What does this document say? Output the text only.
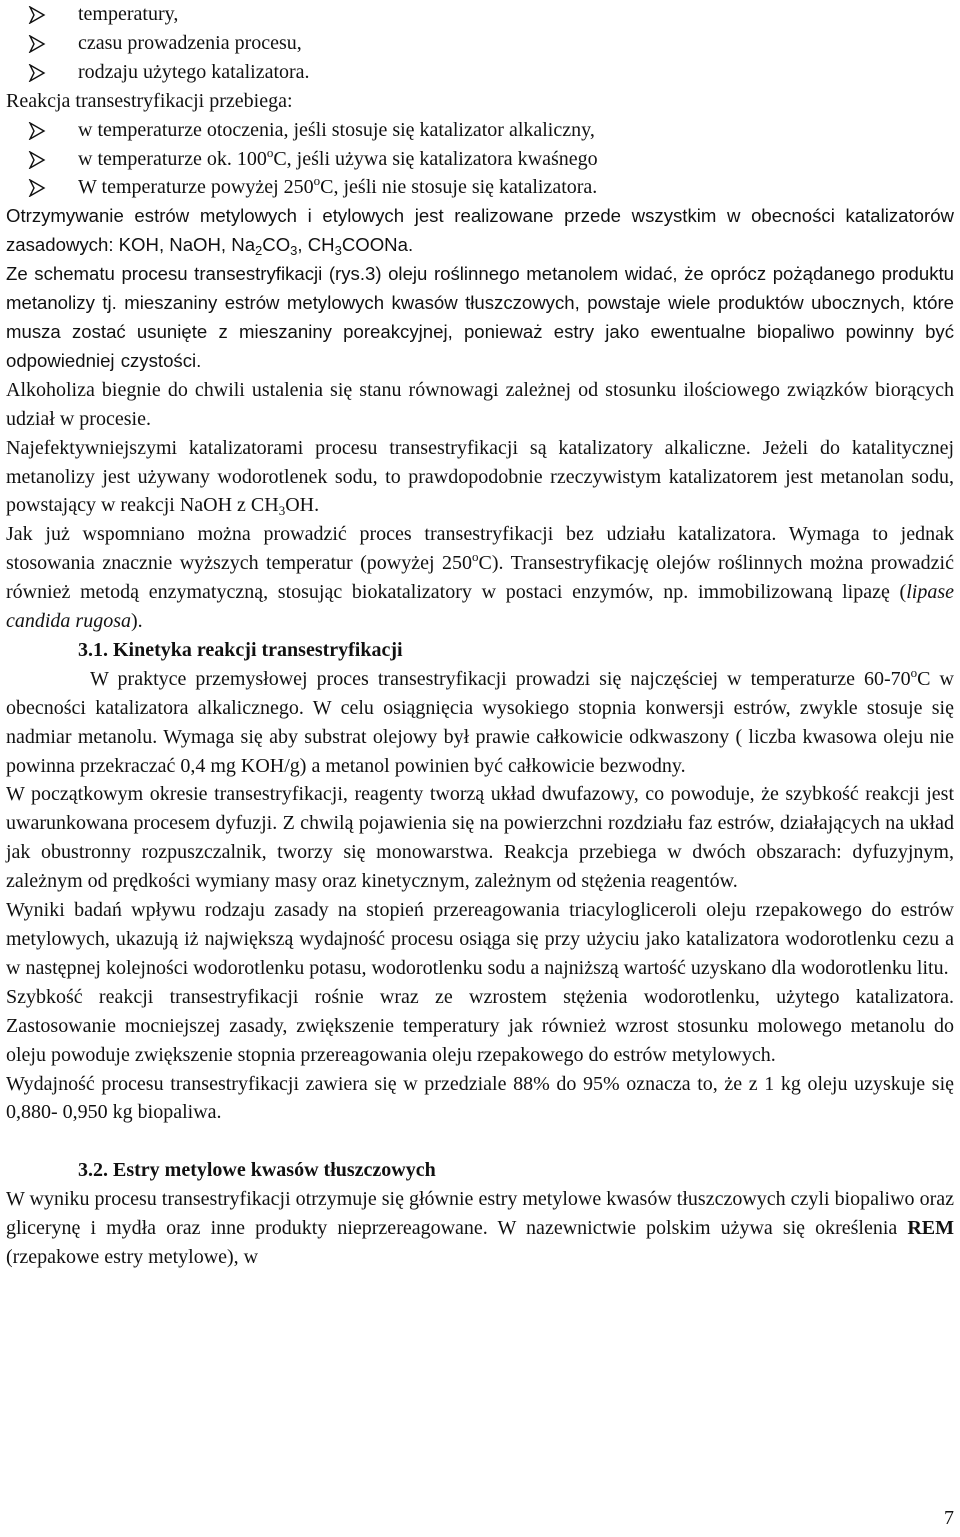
temperatury,
czasu prowadzenia procesu,
rodzaju użytego katalizatora.
Reakcja transestryfikacji przebiega:
w temperaturze otoczenia, jeśli stosuje się katalizator alkaliczny,
w temperaturze ok. 100$^o$C, jeśli używa się katalizatora kwaśnego
W temperaturze powyżej 250$^o$C, jeśli nie stosuje się katalizatora.
Otrzymywanie estrów metylowych i etylowych jest realizowane przede wszystkim w obecności katalizatorów zasadowych: KOH, NaOH, $Na_2CO_3$, $CH_3COONa$.
Ze schematu procesu transestryfikacji (rys.3) oleju roślinnego metanolem widać, że oprócz pożądanego produktu metanolizy tj. mieszaniny estrów metylowych kwasów tłuszczowych, powstaje wiele produktów ubocznych, które musza zostać usunięte z mieszaniny poreakcyjnej, ponieważ estry jako ewentualne biopaliwo powinny być odpowiedniej czystości.
Alkoholiza biegnie do chwili ustalenia się stanu równowagi zależnej od stosunku ilościowego związków biorących udział w procesie.
Najefektywniejszymi katalizatorami procesu transestryfikacji są katalizatory alkaliczne. Jeżeli do katalitycznej metanolizy jest używany wodorotlenek sodu, to prawdopodobnie rzeczywistym katalizatorem jest metanolan sodu, powstający w reakcji NaOH z $CH_3OH$.
Jak już wspomniano można prowadzić proces transestryfikacji bez udziału katalizatora. Wymaga to jednak stosowania znacznie wyższych temperatur (powyżej 250$^o$C). Transestryfikację olejów roślinnych można prowadzić również metodą enzymatyczną, stosując biokatalizatory w postaci enzymów, np. immobilizowaną lipazę (lipase candida rugosa).
3.1. Kinetyka reakcji transestryfikacji
W praktyce przemysłowej proces transestryfikacji prowadzi się najczęściej w temperaturze 60-70$^o$C w obecności katalizatora alkalicznego. W celu osiągnięcia wysokiego stopnia konwersji estrów, zwykle stosuje się nadmiar metanolu. Wymaga się aby substrat olejowy był prawie całkowicie odkwaszony ( liczba kwasowa oleju nie powinna przekraczać 0,4 mg KOH/g) a metanol powinien być całkowicie bezwodny.
W początkowym okresie transestryfikacji, reagenty tworzą układ dwufazowy, co powoduje, że szybkość reakcji jest uwarunkowana procesem dyfuzji. Z chwilą pojawienia się na powierzchni rozdziału faz estrów, działających na układ jak obustronny rozpuszczalnik, tworzy się monowarstwa. Reakcja przebiega w dwóch obszarach: dyfuzyjnym, zależnym od prędkości wymiany masy oraz kinetycznym, zależnym od stężenia reagentów.
Wyniki badań wpływu rodzaju zasady na stopień przereagowania triacylogliceroli oleju rzepakowego do estrów metylowych, ukazują iż największą wydajność procesu osiąga się przy użyciu jako katalizatora wodorotlenku cezu a w następnej kolejności wodorotlenku potasu, wodorotlenku sodu a najniższą wartość uzyskano dla wodorotlenku litu.
Szybkość reakcji transestryfikacji rośnie wraz ze wzrostem stężenia wodorotlenku, użytego katalizatora. Zastosowanie mocniejszej zasady, zwiększenie temperatury jak również wzrost stosunku molowego metanolu do oleju powoduje zwiększenie stopnia przereagowania oleju rzepakowego do estrów metylowych.
Wydajność procesu transestryfikacji zawiera się w przedziale 88% do 95% oznacza to, że z 1 kg oleju uzyskuje się 0,880- 0,950 kg biopaliwa.
3.2. Estry metylowe kwasów tłuszczowych
W wyniku procesu transestryfikacji otrzymuje się głównie estry metylowe kwasów tłuszczowych czyli biopaliwo oraz glicerynę i mydła oraz inne produkty nieprzereagowane. W nazewnictwie polskim używa się określenia REM (rzepakowe estry metylowe), w
7
